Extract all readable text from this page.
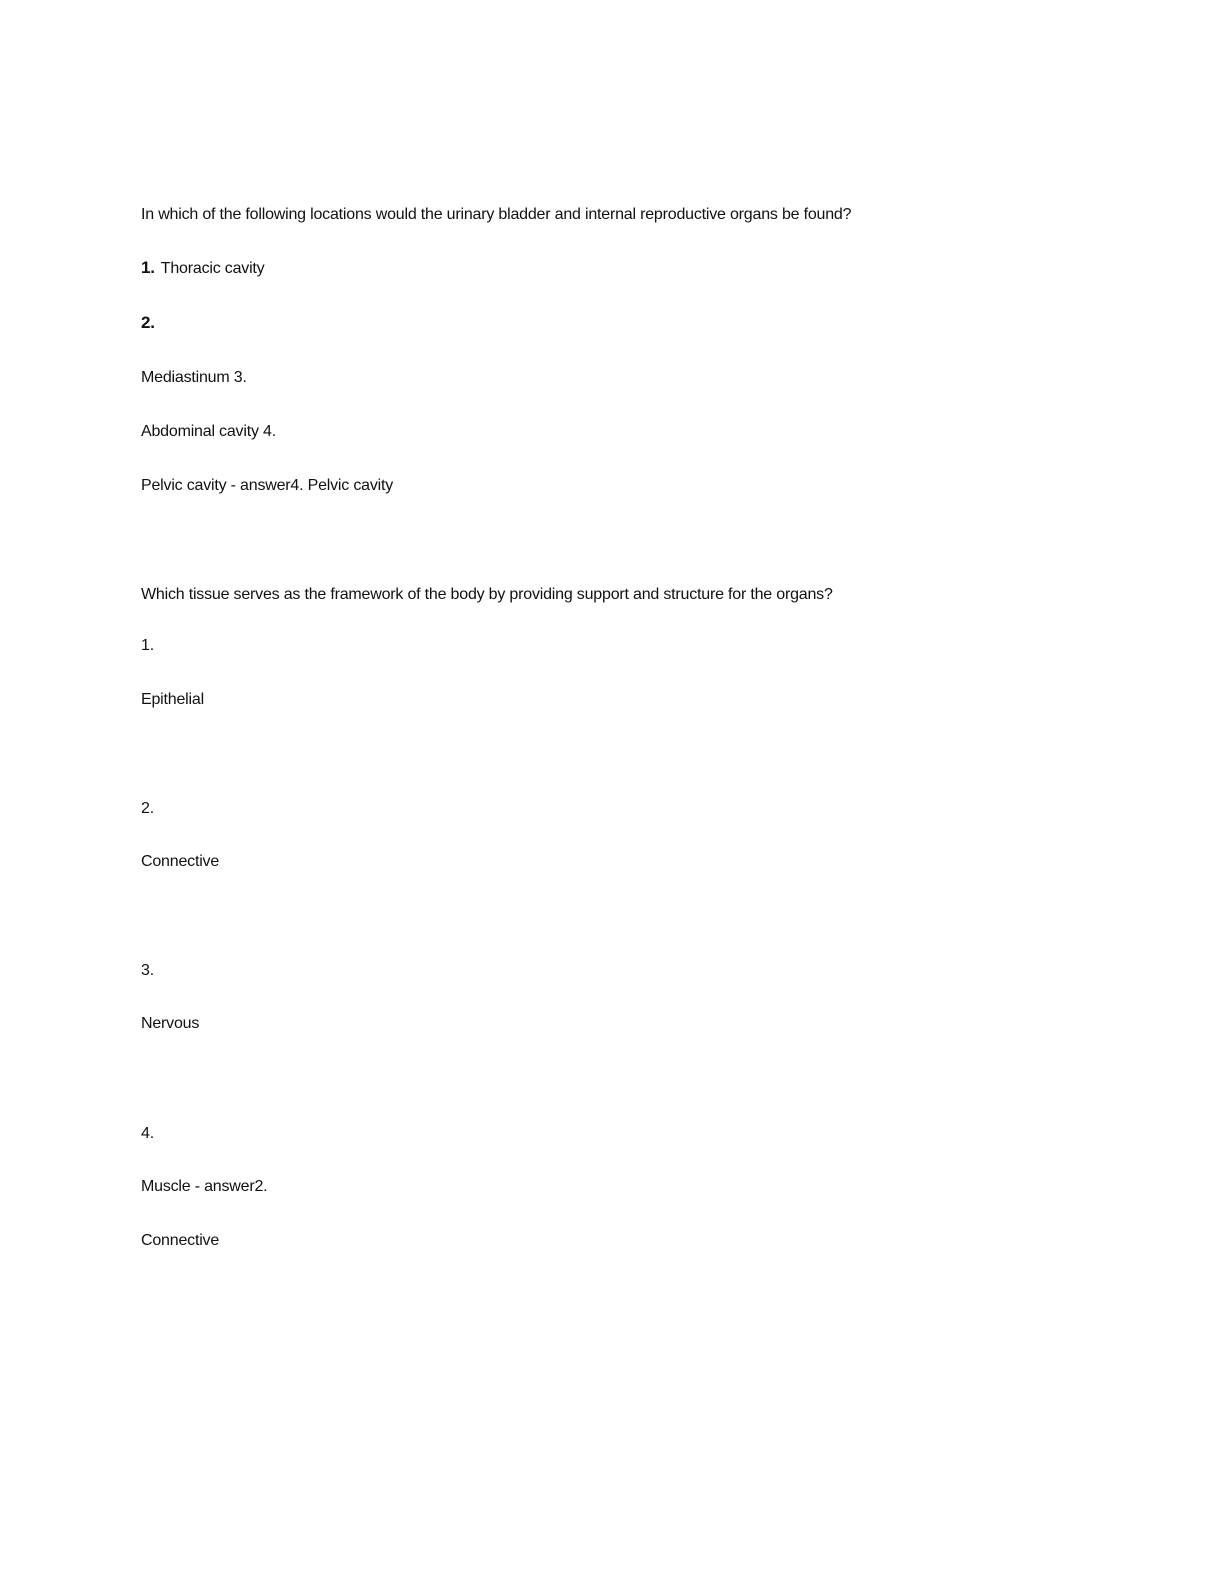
In which of the following locations would the urinary bladder and internal reproductive organs be found?
1. Thoracic cavity
2.
Mediastinum 3.
Abdominal cavity 4.
Pelvic cavity - answer4. Pelvic cavity
Which tissue serves as the framework of the body by providing support and structure for the organs?
1.
Epithelial
2.
Connective
3.
Nervous
4.
Muscle - answer2.
Connective
